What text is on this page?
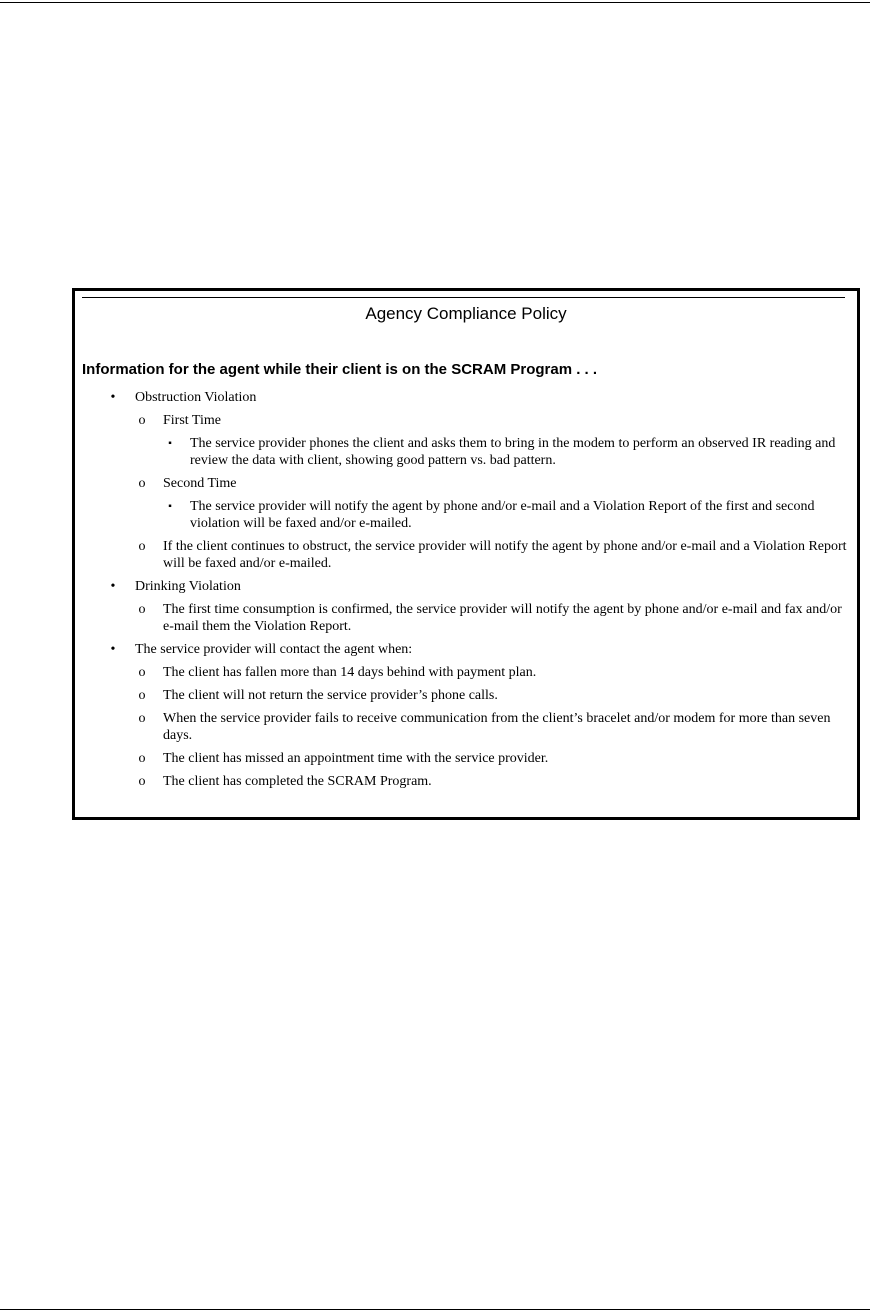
Agency Compliance Policy
Information for the agent while their client is on the SCRAM Program . . .
• Obstruction Violation
o First Time
▪ The service provider phones the client and asks them to bring in the modem to perform an observed IR reading and review the data with client, showing good pattern vs. bad pattern.
o Second Time
▪ The service provider will notify the agent by phone and/or e-mail and a Violation Report of the first and second violation will be faxed and/or e-mailed.
o If the client continues to obstruct, the service provider will notify the agent by phone and/or e-mail and a Violation Report will be faxed and/or e-mailed.
• Drinking Violation
o The first time consumption is confirmed, the service provider will notify the agent by phone and/or e-mail and fax and/or e-mail them the Violation Report.
• The service provider will contact the agent when:
o The client has fallen more than 14 days behind with payment plan.
o The client will not return the service provider’s phone calls.
o When the service provider fails to receive communication from the client’s bracelet and/or modem for more than seven days.
o The client has missed an appointment time with the service provider.
o The client has completed the SCRAM Program.
